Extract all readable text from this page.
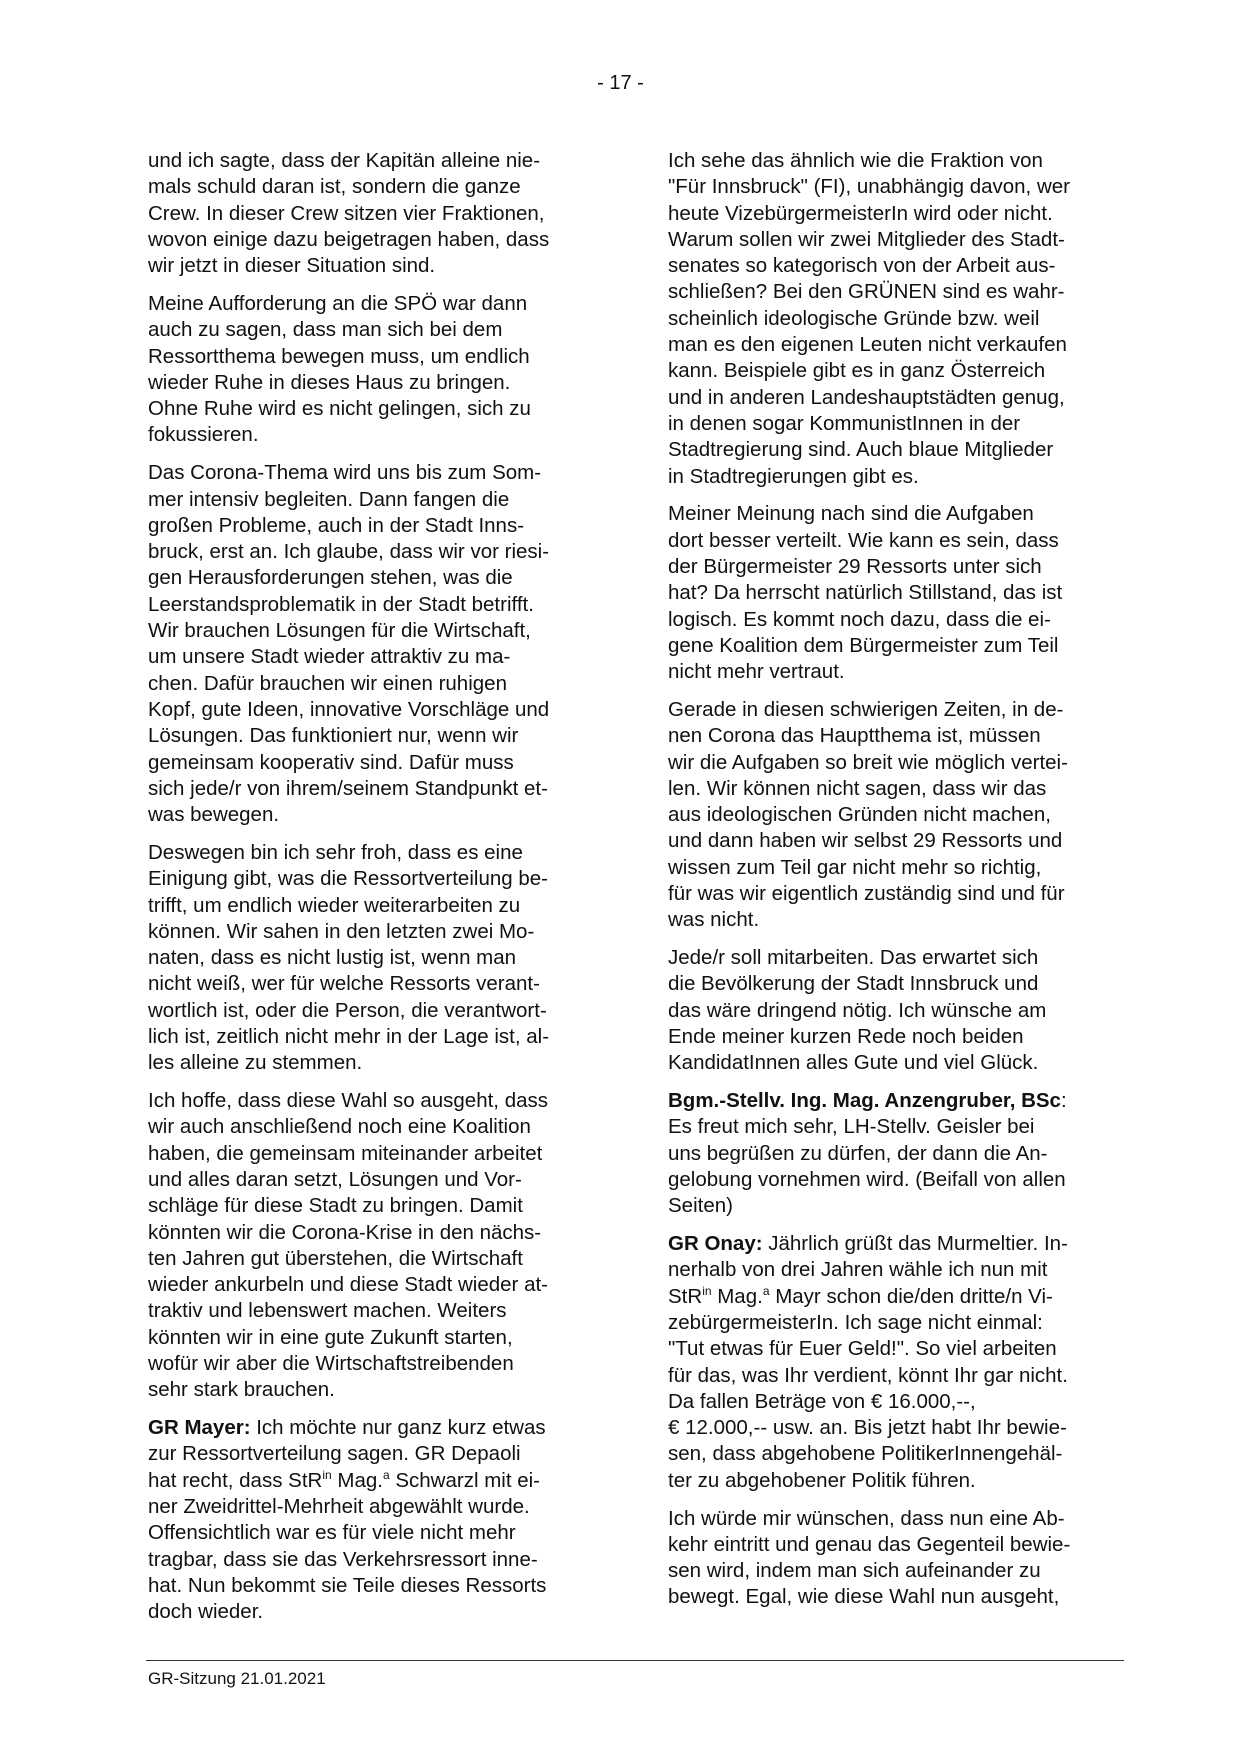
- 17 -

und ich sagte, dass der Kapitän alleine nie-
mals schuld daran ist, sondern die ganze
Crew. In dieser Crew sitzen vier Fraktionen,
wovon einige dazu beigetragen haben, dass
wir jetzt in dieser Situation sind.

Meine Aufforderung an die SPÖ war dann
auch zu sagen, dass man sich bei dem
Ressortthema bewegen muss, um endlich
wieder Ruhe in dieses Haus zu bringen.
Ohne Ruhe wird es nicht gelingen, sich zu
fokussieren.

Das Corona-Thema wird uns bis zum Som-
mer intensiv begleiten. Dann fangen die
großen Probleme, auch in der Stadt Inns-
bruck, erst an. Ich glaube, dass wir vor riesi-
gen Herausforderungen stehen, was die
Leerstandsproblematik in der Stadt betrifft.
Wir brauchen Lösungen für die Wirtschaft,
um unsere Stadt wieder attraktiv zu ma-
chen. Dafür brauchen wir einen ruhigen
Kopf, gute Ideen, innovative Vorschläge und
Lösungen. Das funktioniert nur, wenn wir
gemeinsam kooperativ sind. Dafür muss
sich jede/r von ihrem/seinem Standpunkt et-
was bewegen.

Deswegen bin ich sehr froh, dass es eine
Einigung gibt, was die Ressortverteilung be-
trifft, um endlich wieder weiterarbeiten zu
können. Wir sahen in den letzten zwei Mo-
naten, dass es nicht lustig ist, wenn man
nicht weiß, wer für welche Ressorts verant-
wortlich ist, oder die Person, die verantwort-
lich ist, zeitlich nicht mehr in der Lage ist, al-
les alleine zu stemmen.

Ich hoffe, dass diese Wahl so ausgeht, dass
wir auch anschließend noch eine Koalition
haben, die gemeinsam miteinander arbeitet
und alles daran setzt, Lösungen und Vor-
schläge für diese Stadt zu bringen. Damit
könnten wir die Corona-Krise in den nächs-
ten Jahren gut überstehen, die Wirtschaft
wieder ankurbeln und diese Stadt wieder at-
traktiv und lebenswert machen. Weiters
könnten wir in eine gute Zukunft starten,
wofür wir aber die Wirtschaftstreibenden
sehr stark brauchen.

GR Mayer: Ich möchte nur ganz kurz etwas
zur Ressortverteilung sagen. GR Depaoli
hat recht, dass StR$^{in}$ Mag.$^a$ Schwarzl mit ei-
ner Zweidrittel-Mehrheit abgewählt wurde.
Offensichtlich war es für viele nicht mehr
tragbar, dass sie das Verkehrsressort inne-
hat. Nun bekommt sie Teile dieses Ressorts
doch wieder.

Ich sehe das ähnlich wie die Fraktion von
"Für Innsbruck" (FI), unabhängig davon, wer
heute VizebürgermeisterIn wird oder nicht.
Warum sollen wir zwei Mitglieder des Stadt-
senates so kategorisch von der Arbeit aus-
schließen? Bei den GRÜNEN sind es wahr-
scheinlich ideologische Gründe bzw. weil
man es den eigenen Leuten nicht verkaufen
kann. Beispiele gibt es in ganz Österreich
und in anderen Landeshauptstädten genug,
in denen sogar KommunistInnen in der
Stadtregierung sind. Auch blaue Mitglieder
in Stadtregierungen gibt es.

Meiner Meinung nach sind die Aufgaben
dort besser verteilt. Wie kann es sein, dass
der Bürgermeister 29 Ressorts unter sich
hat? Da herrscht natürlich Stillstand, das ist
logisch. Es kommt noch dazu, dass die ei-
gene Koalition dem Bürgermeister zum Teil
nicht mehr vertraut.

Gerade in diesen schwierigen Zeiten, in de-
nen Corona das Hauptthema ist, müssen
wir die Aufgaben so breit wie möglich vertei-
len. Wir können nicht sagen, dass wir das
aus ideologischen Gründen nicht machen,
und dann haben wir selbst 29 Ressorts und
wissen zum Teil gar nicht mehr so richtig,
für was wir eigentlich zuständig sind und für
was nicht.

Jede/r soll mitarbeiten. Das erwartet sich
die Bevölkerung der Stadt Innsbruck und
das wäre dringend nötig. Ich wünsche am
Ende meiner kurzen Rede noch beiden
KandidatInnen alles Gute und viel Glück.

Bgm.-Stellv. Ing. Mag. Anzengruber, BSc:
Es freut mich sehr, LH-Stellv. Geisler bei
uns begrüßen zu dürfen, der dann die An-
gelobung vornehmen wird. (Beifall von allen
Seiten)

GR Onay: Jährlich grüßt das Murmeltier. In-
nerhalb von drei Jahren wähle ich nun mit
StR$^{in}$ Mag.$^a$ Mayr schon die/den dritte/n Vi-
zebürgermeisterIn. Ich sage nicht einmal:
"Tut etwas für Euer Geld!". So viel arbeiten
für das, was Ihr verdient, könnt Ihr gar nicht.
Da fallen Beträge von € 16.000,--,
€ 12.000,-- usw. an. Bis jetzt habt Ihr bewie-
sen, dass abgehobene PolitikerInnengehäl-
ter zu abgehobener Politik führen.

Ich würde mir wünschen, dass nun eine Ab-
kehr eintritt und genau das Gegenteil bewie-
sen wird, indem man sich aufeinander zu
bewegt. Egal, wie diese Wahl nun ausgeht,

GR-Sitzung 21.01.2021
